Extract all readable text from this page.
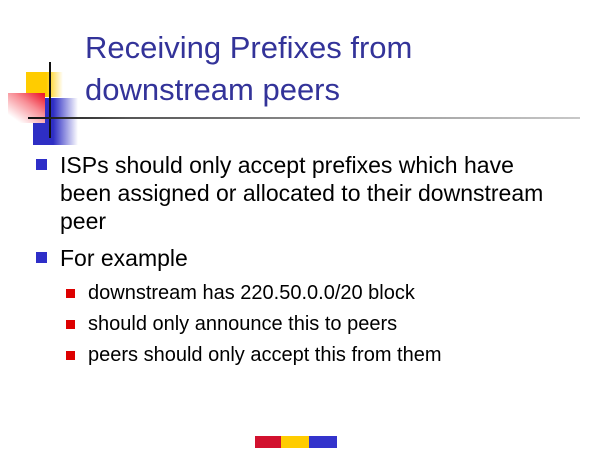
Receiving Prefixes from
downstream peers
ISPs should only accept prefixes which have been assigned or allocated to their downstream peer
For example
downstream has 220.50.0.0/20 block
should only announce this to peers
peers should only accept this from them
